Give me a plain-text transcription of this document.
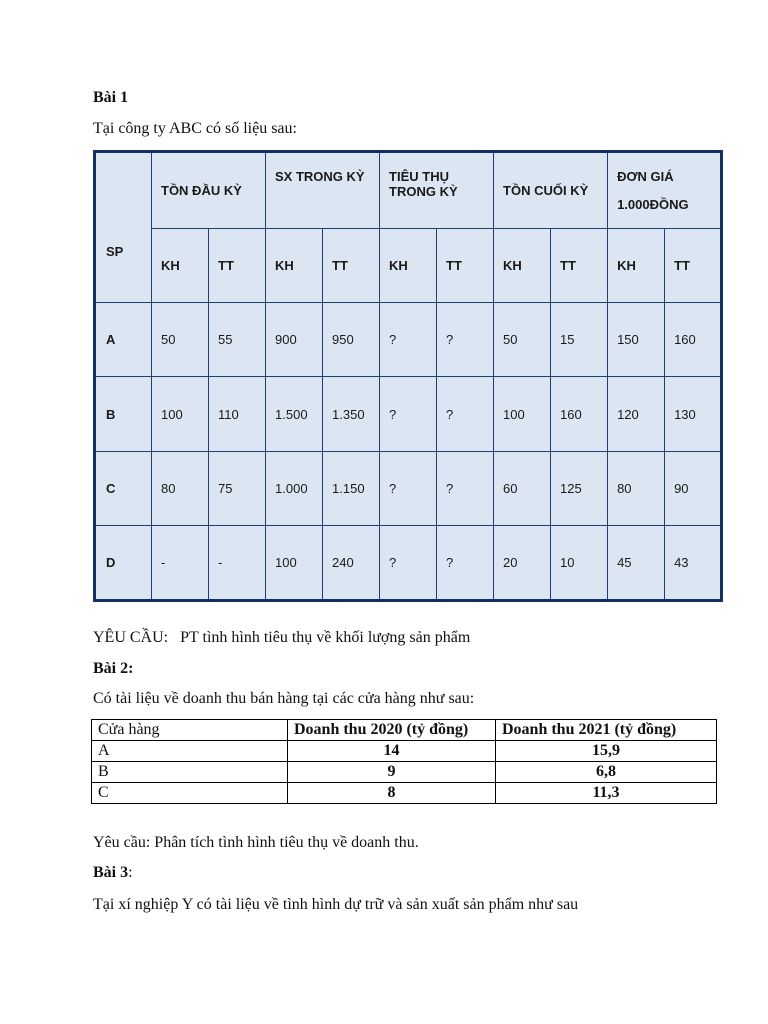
Bài 1
Tại công ty ABC có số liệu sau:
SP	TỒN ĐẦU KỲ		SX TRONG KỲ		TIÊU THỤ TRONG KỲ		TỒN CUỐI KỲ		ĐƠN GIÁ
1.000ĐỒNG	

	KH	TT	KH	TT	KH	TT	KH	TT	KH	TT
A	50	55	900	950	?	?	50	15	150	160
B	100	110	1.500	1.350	?	?	100	160	120	130
C	80	75	1.000	1.150	?	?	60	125	80	90
D	-	-	100	240	?	?	20	10	45	43
YÊU CẦU:   PT tình hình tiêu thụ về khối lượng sản phẩm
Bài 2:
Có tài liệu về doanh thu bán hàng tại các cửa hàng như sau:
Cửa hàng	Doanh thu 2020 (tỷ đồng)	Doanh thu 2021 (tỷ đồng)
A	14	15,9
B	9	6,8
C	8	11,3
Yêu cầu: Phân tích tình hình tiêu thụ về doanh thu.
Bài 3:
Tại xí nghiệp Y có tài liệu về tình hình dự trữ và sản xuất sản phẩm như sau
